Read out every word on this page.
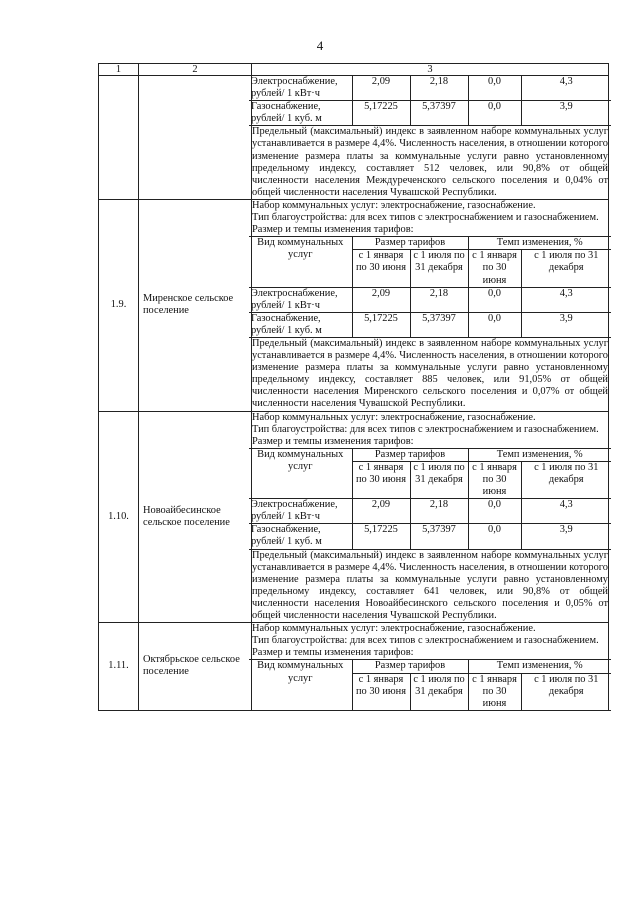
4
1	2	3

Электроснабжение, рублей/ 1 кВт·ч	2,09	2,18	0,0	4,3
Газоснабжение, рублей/ 1 куб. м	5,17225	5,37397	0,0	3,9

Предельный (максимальный) индекс в заявленном наборе коммунальных услуг устанавливается в размере 4,4%. Численность населения, в отношении которого изменение размера платы за коммунальные услуги равно установленному предельному индексу, составляет 512 человек, или 90,8% от общей численности населения Междуреченского сельского поселения и 0,04% от общей численности населения Чувашской Республики.

1.9.	Миренское сельское поселение	

Набор коммунальных услуг: электроснабжение, газоснабжение.

Тип благоустройства: для всех типов с электроснабжением и газоснабжением.

Размер и темпы изменения тарифов:

Вид коммунальных услуг	Размер тарифов	Темп изменения, %
с 1 января по 30 июня	с 1 июля по 31 декабря	с 1 января по 30 июня	с 1 июля по 31 декабря
Электроснабжение, рублей/ 1 кВт·ч	2,09	2,18	0,0	4,3
Газоснабжение, рублей/ 1 куб. м	5,17225	5,37397	0,0	3,9

Предельный (максимальный) индекс в заявленном наборе коммунальных услуг устанавливается в размере 4,4%. Численность населения, в отношении которого изменение размера платы за коммунальные услуги равно установленному предельному индексу, составляет 885 человек, или 91,05% от общей численности населения Миренского сельского поселения и 0,07% от общей численности населения Чувашской Республики.

1.10.	Новоайбесинское сельское поселение	

Набор коммунальных услуг: электроснабжение, газоснабжение.

Тип благоустройства: для всех типов с электроснабжением и газоснабжением.

Размер и темпы изменения тарифов:

Вид коммунальных услуг	Размер тарифов	Темп изменения, %
с 1 января по 30 июня	с 1 июля по 31 декабря	с 1 января по 30 июня	с 1 июля по 31 декабря
Электроснабжение, рублей/ 1 кВт·ч	2,09	2,18	0,0	4,3
Газоснабжение, рублей/ 1 куб. м	5,17225	5,37397	0,0	3,9

Предельный (максимальный) индекс в заявленном наборе коммунальных услуг устанавливается в размере 4,4%. Численность населения, в отношении которого изменение размера платы за коммунальные услуги равно установленному предельному индексу, составляет 641 человек, или 90,8% от общей численности населения Новоайбесинского сельского поселения и 0,05% от общей численности населения Чувашской Республики.

1.11.	Октябрьское сельское поселение	

Набор коммунальных услуг: электроснабжение, газоснабжение.

Тип благоустройства: для всех типов с электроснабжением и газоснабжением.

Размер и темпы изменения тарифов:

Вид коммунальных услуг	Размер тарифов	Темп изменения, %
с 1 января по 30 июня	с 1 июля по 31 декабря	с 1 января по 30 июня	с 1 июля по 31 декабря
